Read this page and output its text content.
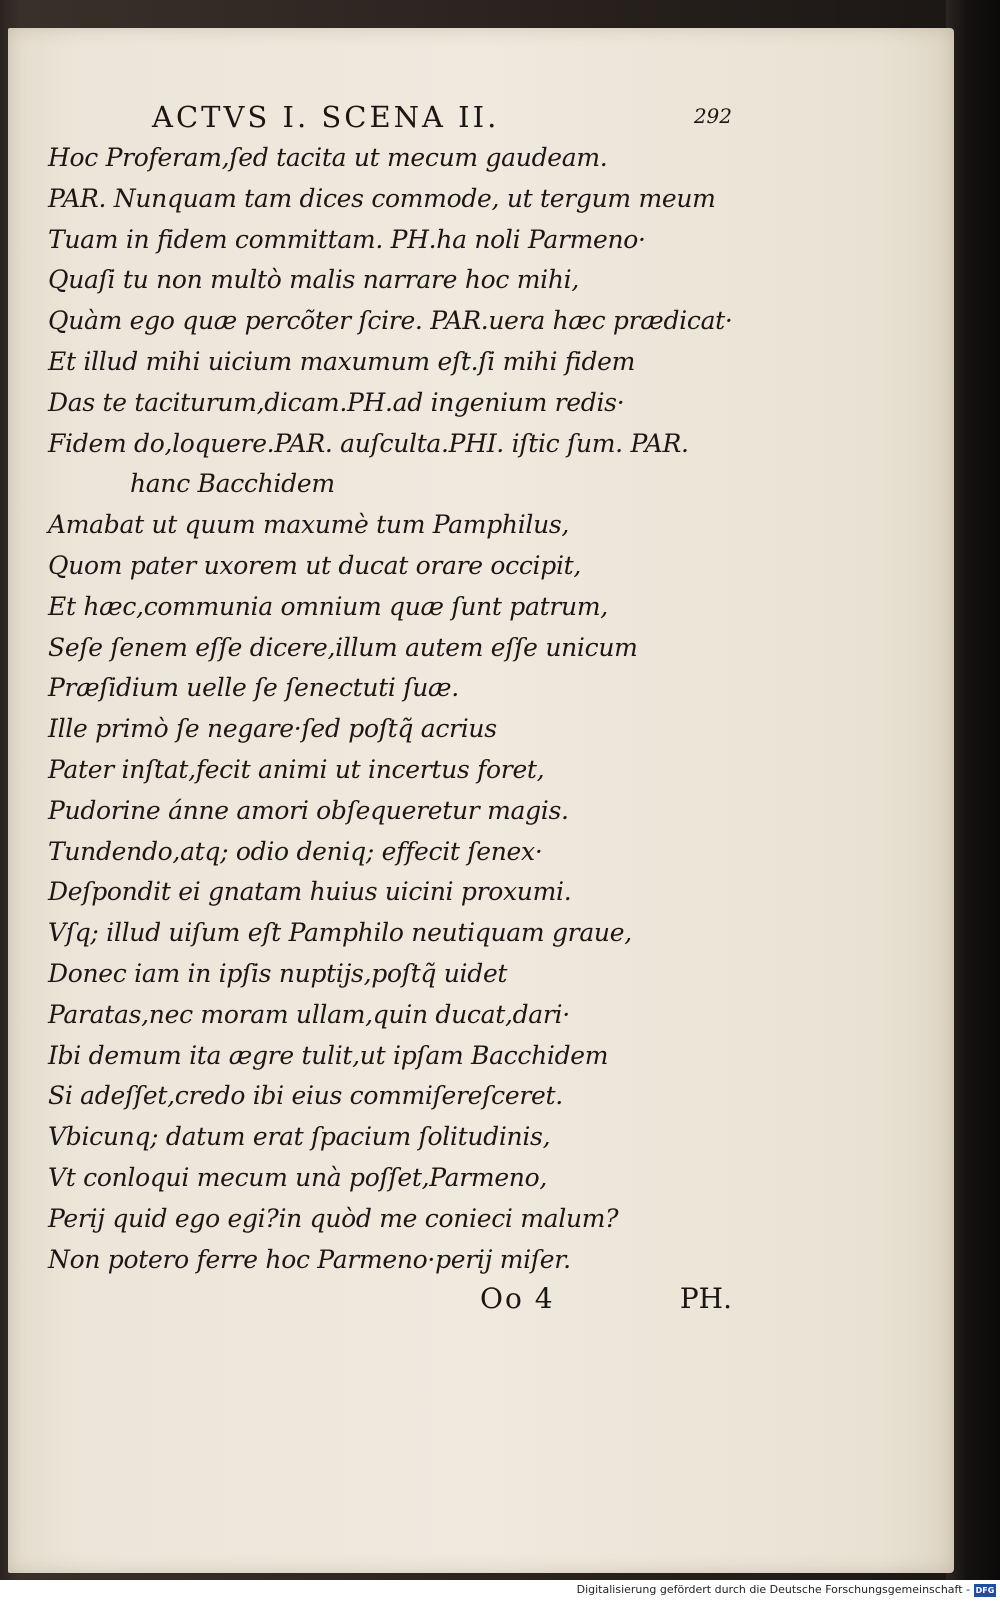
ACTVS I. SCENA II.	292
Hoc Proferam,ſed tacita ut mecum gaudeam.
PAR. Nunquam tam dices commode, ut tergum meum
Tuam in fidem committam. PH.ha noli Parmeno·
Quaſi tu non multò malis narrare hoc mihi,
Quàm ego quæ percõter ſcire. PAR.uera hæc prædicat·
Et illud mihi uicium maxumum eſt.ſi mihi fidem
Das te taciturum,dicam.PH.ad ingenium redis·
Fidem do,loquere.PAR. auſculta.PHI. iſtic ſum. PAR.
hanc Bacchidem
Amabat ut quum maxumè tum Pamphilus,
Quom pater uxorem ut ducat orare occipit,
Et hæc,communia omnium quæ ſunt patrum,
Seſe ſenem eſſe dicere,illum autem eſſe unicum
Præſidium uelle ſe ſenectuti ſuæ.
Ille primò ſe negare·ſed poſtq̃ acrius
Pater inſtat,fecit animi ut incertus foret,
Pudorine ánne amori obſequeretur magis.
Tundendo,atq; odio deniq; effecit ſenex·
Deſpondit ei gnatam huius uicini proxumi.
Vſq; illud uiſum eſt Pamphilo neutiquam graue,
Donec iam in ipſis nuptijs,poſtq̃ uidet
Paratas,nec moram ullam,quin ducat,dari·
Ibi demum ita ægre tulit,ut ipſam Bacchidem
Si adeſſet,credo ibi eius commiſereſceret.
Vbicunq; datum erat ſpacium ſolitudinis,
Vt conloqui mecum unà poſſet,Parmeno,
Perij quid ego egi?in quòd me conieci malum?
Non potero ferre hoc Parmeno·perij miſer.
Oo 4	PH.
Digitalisierung gefördert durch die Deutsche Forschungsgemeinschaft - DFG
